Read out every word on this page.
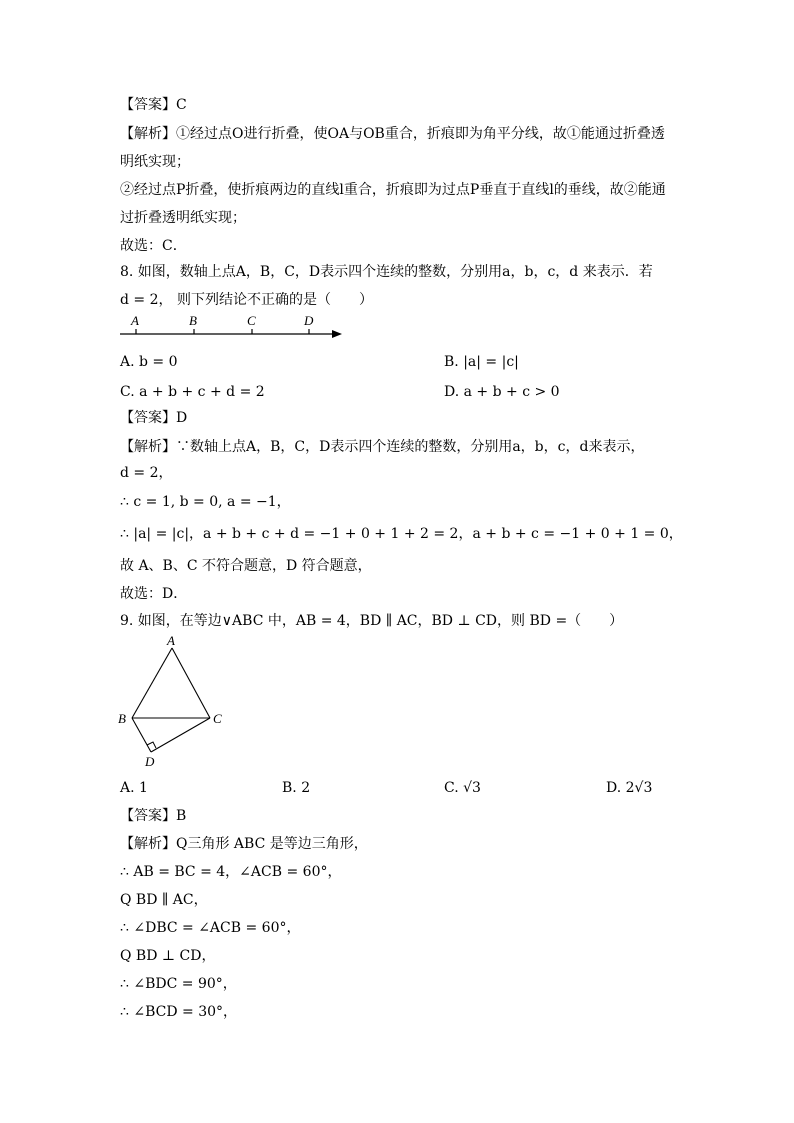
【答案】C
【解析】①经过点O进行折叠，使OA与OB重合，折痕即为角平分线，故①能通过折叠透
明纸实现；
②经过点P折叠，使折痕两边的直线l重合，折痕即为过点P垂直于直线l的垂线，故②能通
过折叠透明纸实现；
故选：C．
8. 如图，数轴上点A，B，C，D表示四个连续的整数，分别用a，b，c，d 来表示．若
d = 2， 则下列结论不正确的是（　　）
A	B	C	D
A. b = 0	B. |a| = |c|
C. a + b + c + d = 2	D. a + b + c > 0
【答案】D
【解析】∵数轴上点A，B，C，D表示四个连续的整数，分别用a，b，c，d来表示，
d = 2，
∴ c = 1, b = 0, a = −1，
∴ |a| = |c|，a + b + c + d = −1 + 0 + 1 + 2 = 2，a + b + c = −1 + 0 + 1 = 0，
故 A、B、C 不符合题意，D 符合题意，
故选：D．
9. 如图，在等边∨ABC 中，AB = 4，BD ∥ AC，BD ⊥ CD，则 BD =（　　）
A
B	C
D
A. 1	B. 2	C. √3	D. 2√3
【答案】B
【解析】Q三角形 ABC 是等边三角形，
∴ AB = BC = 4，∠ACB = 60°，
Q BD ∥ AC，
∴ ∠DBC = ∠ACB = 60°，
Q BD ⊥ CD，
∴ ∠BDC = 90°，
∴ ∠BCD = 30°，
